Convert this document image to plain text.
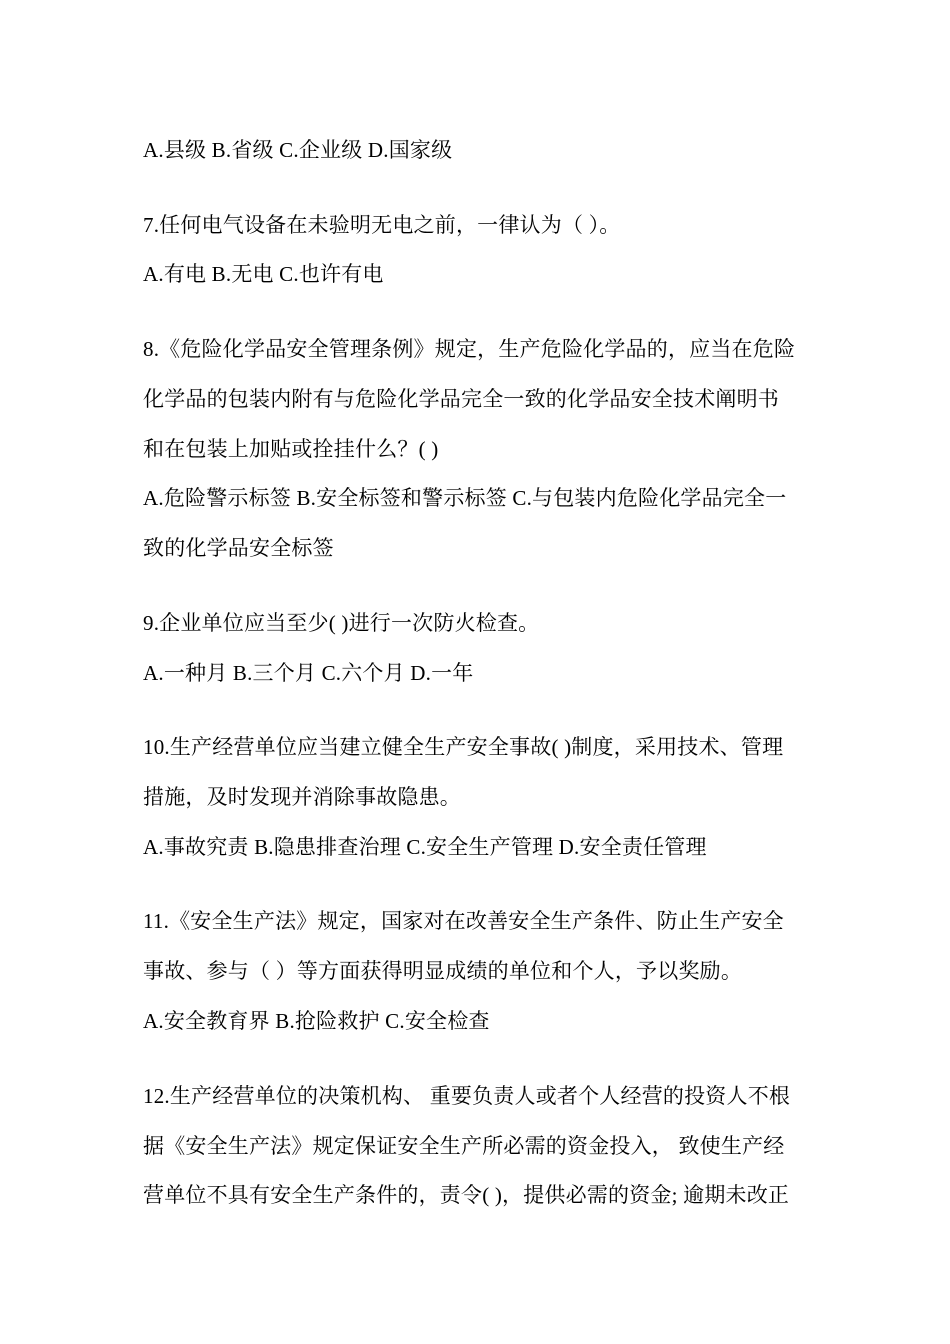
A.县级 B.省级 C.企业级 D.国家级
7.任何电气设备在未验明无电之前，一律认为（ ）。
A.有电 B.无电 C.也许有电
8.《危险化学品安全管理条例》规定，生产危险化学品的，应当在危险
化学品的包装内附有与危险化学品完全一致的化学品安全技术阐明书
和在包装上加贴或拴挂什么？( )
A.危险警示标签 B.安全标签和警示标签 C.与包装内危险化学品完全一
致的化学品安全标签
9.企业单位应当至少( )进行一次防火检查。
A.一种月 B.三个月 C.六个月 D.一年
10.生产经营单位应当建立健全生产安全事故( )制度，采用技术、管理
措施，及时发现并消除事故隐患。
A.事故究责 B.隐患排查治理 C.安全生产管理 D.安全责任管理
11.《安全生产法》规定，国家对在改善安全生产条件、防止生产安全
事故、参与（ ）等方面获得明显成绩的单位和个人，予以奖励。
A.安全教育界 B.抢险救护 C.安全检查
12.生产经营单位的决策机构、 重要负责人或者个人经营的投资人不根
据《安全生产法》规定保证安全生产所必需的资金投入， 致使生产经
营单位不具有安全生产条件的，责令( )，提供必需的资金; 逾期未改正
